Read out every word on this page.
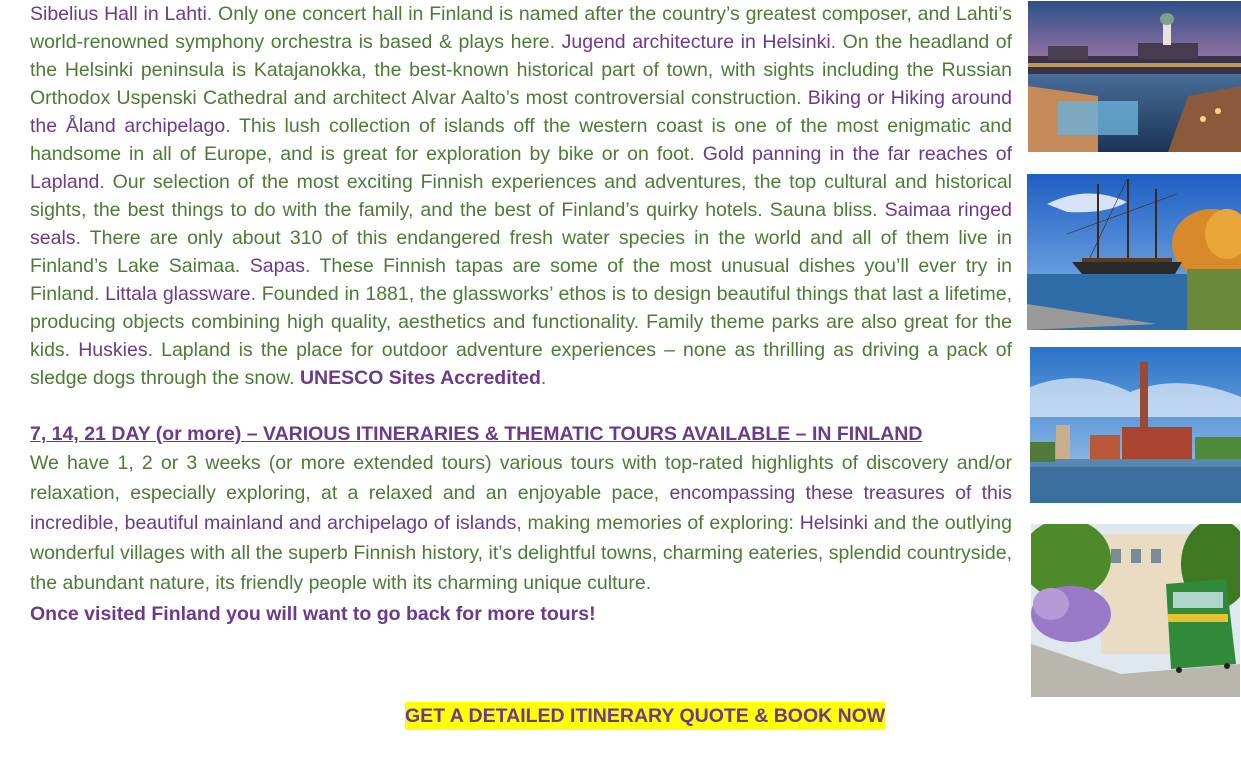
Sibelius Hall in Lahti. Only one concert hall in Finland is named after the country’s greatest composer, and Lahti’s world-renowned symphony orchestra is based & plays here. Jugend architecture in Helsinki. On the headland of the Helsinki peninsula is Katajanokka, the best-known historical part of town, with sights including the Russian Orthodox Uspenski Cathedral and architect Alvar Aalto’s most controversial construction. Biking or Hiking around the Åland archipelago. This lush collection of islands off the western coast is one of the most enigmatic and handsome in all of Europe, and is great for exploration by bike or on foot. Gold panning in the far reaches of Lapland. Our selection of the most exciting Finnish experiences and adventures, the top cultural and historical sights, the best things to do with the family, and the best of Finland’s quirky hotels. Sauna bliss. Saimaa ringed seals. There are only about 310 of this endangered fresh water species in the world and all of them live in Finland’s Lake Saimaa. Sapas. These Finnish tapas are some of the most unusual dishes you’ll ever try in Finland. Littala glassware. Founded in 1881, the glassworks’ ethos is to design beautiful things that last a lifetime, producing objects combining high quality, aesthetics and functionality. Family theme parks are also great for the kids. Huskies. Lapland is the place for outdoor adventure experiences – none as thrilling as driving a pack of sledge dogs through the snow. UNESCO Sites Accredited.

7, 14, 21 DAY (or more) – VARIOUS ITINERARIES & THEMATIC TOURS AVAILABLE – IN FINLAND

We have 1, 2 or 3 weeks (or more extended tours) various tours with top-rated highlights of discovery and/or relaxation, especially exploring, at a relaxed and an enjoyable pace, encompassing these treasures of this incredible, beautiful mainland and archipelago of islands, making memories of exploring: Helsinki and the outlying wonderful villages with all the superb Finnish history, it’s delightful towns, charming eateries, splendid countryside, the abundant nature, its friendly people with its charming unique culture.

Once visited Finland you will want to go back for more tours!

GET A DETAILED ITINERARY QUOTE & BOOK NOW
